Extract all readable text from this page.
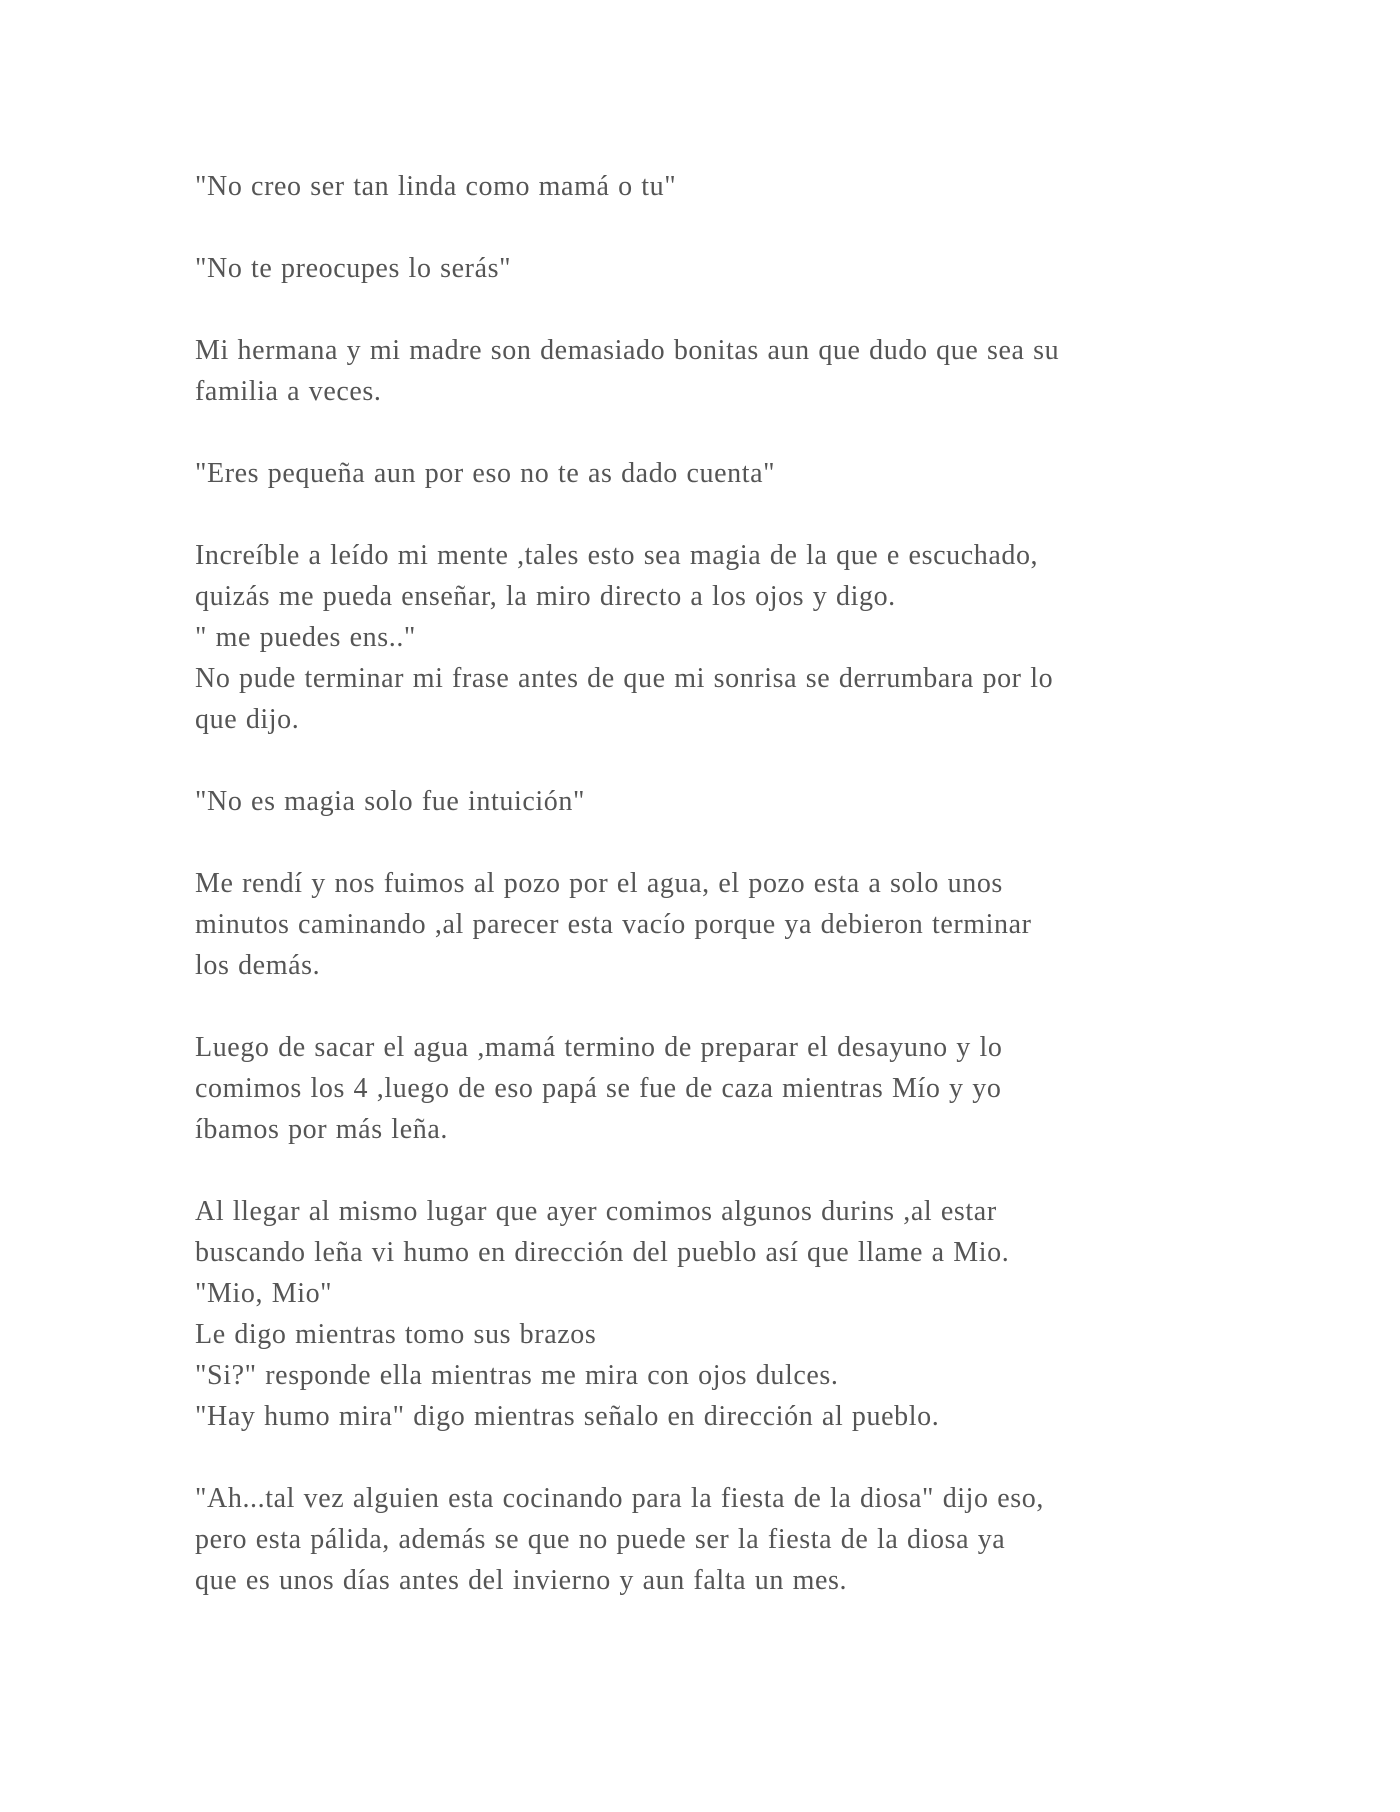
"No creo ser tan linda como mamá o tu"
"No te preocupes lo serás"
Mi hermana y mi madre son demasiado bonitas aun que dudo que sea su
familia a veces.
"Eres pequeña aun por eso no te as dado cuenta"
Increíble a leído mi mente ,tales esto sea magia de la que e escuchado,
quizás me pueda enseñar, la miro directo a los ojos y digo.
" me puedes ens.."
No pude terminar mi frase antes de que mi sonrisa se derrumbara por lo
que dijo.
"No es magia solo fue intuición"
Me rendí y nos fuimos al pozo por el agua, el pozo esta a solo unos
minutos caminando ,al parecer esta vacío porque ya debieron terminar
los demás.
Luego de sacar el agua ,mamá termino de preparar el desayuno y lo
comimos los 4 ,luego de eso papá se fue de caza mientras Mío y yo
íbamos por más leña.
Al llegar al mismo lugar que ayer comimos algunos durins ,al estar
buscando leña vi humo en dirección del pueblo así que llame a Mio.
"Mio, Mio"
Le digo mientras tomo sus brazos
"Si?" responde ella mientras me mira con ojos dulces.
"Hay humo mira" digo mientras señalo en dirección al pueblo.
"Ah...tal vez alguien esta cocinando para la fiesta de la diosa" dijo eso,
pero esta pálida, además se que no puede ser la fiesta de la diosa ya
que es unos días antes del invierno y aun falta un mes.
